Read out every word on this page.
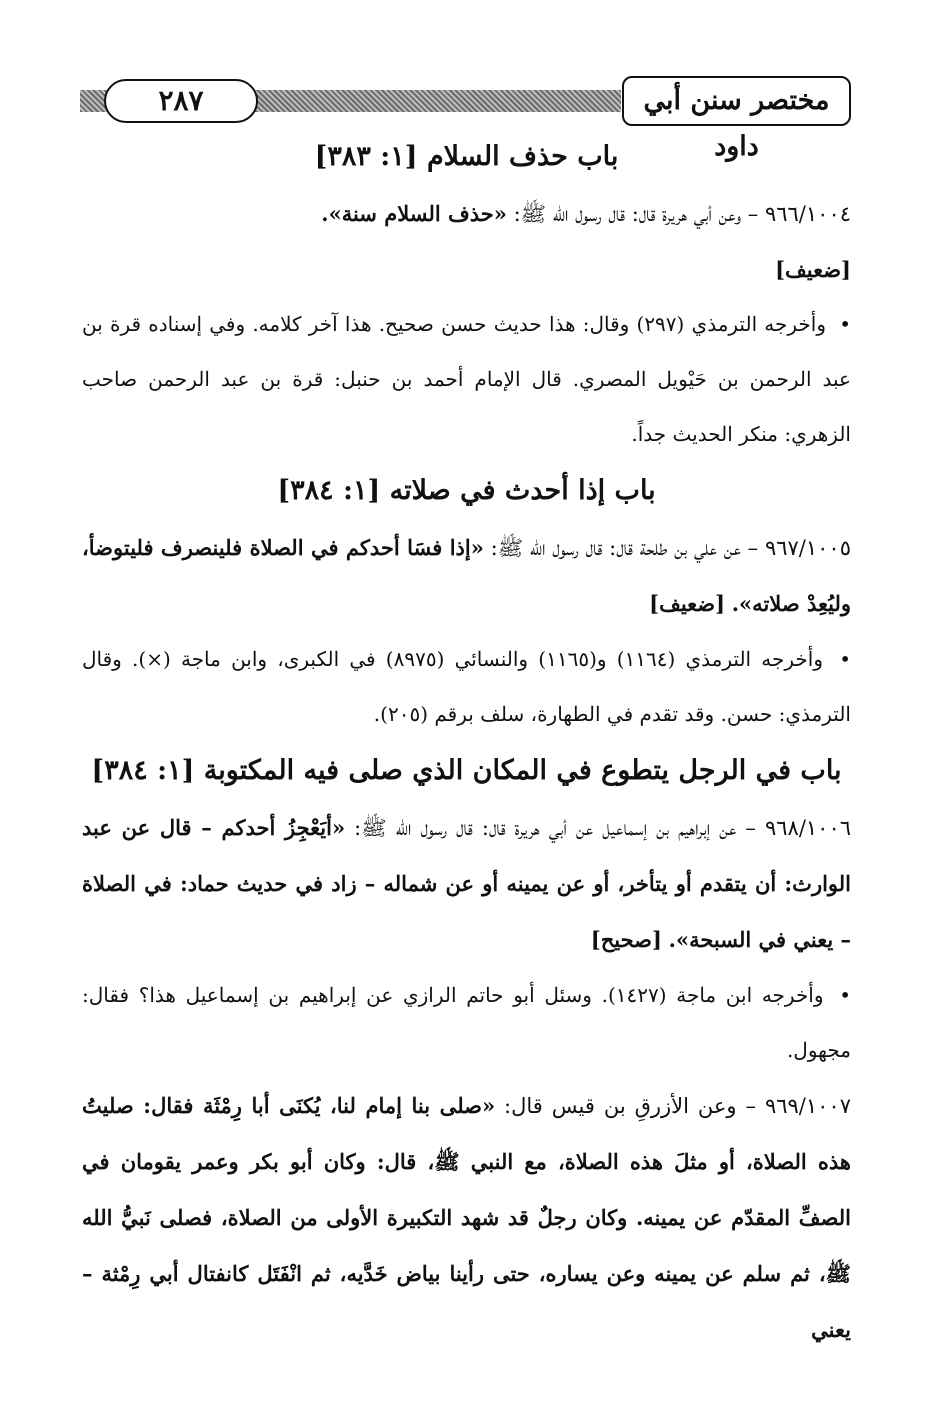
٢٨٧	مختصر سنن أبي داود
باب حذف السلام [١: ٣٨٣]

٩٦٦/١٠٠٤ – وعن أبي هريرة قال: قال رسول الله ﷺ: «حذف السلام سنة».

[ضعيف]

• وأخرجه الترمذي (٢٩٧) وقال: هذا حديث حسن صحيح. هذا آخر كلامه. وفي إسناده قرة بن عبد الرحمن بن حَيْويل المصري. قال الإمام أحمد بن حنبل: قرة بن عبد الرحمن صاحب الزهري: منكر الحديث جداً.

باب إذا أحدث في صلاته [١: ٣٨٤]

٩٦٧/١٠٠٥ – عن علي بن طلحة قال: قال رسول الله ﷺ: «إذا فسَا أحدكم في الصلاة فلينصرف فليتوضأ، وليُعِدْ صلاته». [ضعيف]

• وأخرجه الترمذي (١١٦٤) و(١١٦٥) والنسائي (٨٩٧٥) في الكبرى، وابن ماجة (×). وقال الترمذي: حسن. وقد تقدم في الطهارة، سلف برقم (٢٠٥).

باب في الرجل يتطوع في المكان الذي صلى فيه المكتوبة [١: ٣٨٤]

٩٦٨/١٠٠٦ – عن إبراهيم بن إسماعيل عن أبي هريرة قال: قال رسول الله ﷺ: «أيَعْجِزُ أحدكم – قال عن عبد الوارث: أن يتقدم أو يتأخر، أو عن يمينه أو عن شماله – زاد في حديث حماد: في الصلاة – يعني في السبحة». [صحيح]

• وأخرجه ابن ماجة (١٤٢٧). وسئل أبو حاتم الرازي عن إبراهيم بن إسماعيل هذا؟ فقال: مجهول.

٩٦٩/١٠٠٧ – وعن الأزرقِ بن قيس قال: «صلى بنا إمام لنا، يُكنَى أبا رِمْثَة فقال: صليتُ هذه الصلاة، أو مثلَ هذه الصلاة، مع النبي ﷺ، قال: وكان أبو بكر وعمر يقومان في الصفِّ المقدّم عن يمينه. وكان رجلٌ قد شهد التكبيرة الأولى من الصلاة، فصلى نَبيُّ الله ﷺ، ثم سلم عن يمينه وعن يساره، حتى رأينا بياض خَدَّيه، ثم انْفَتَل كانفتال أبي رِمْثة – يعني
